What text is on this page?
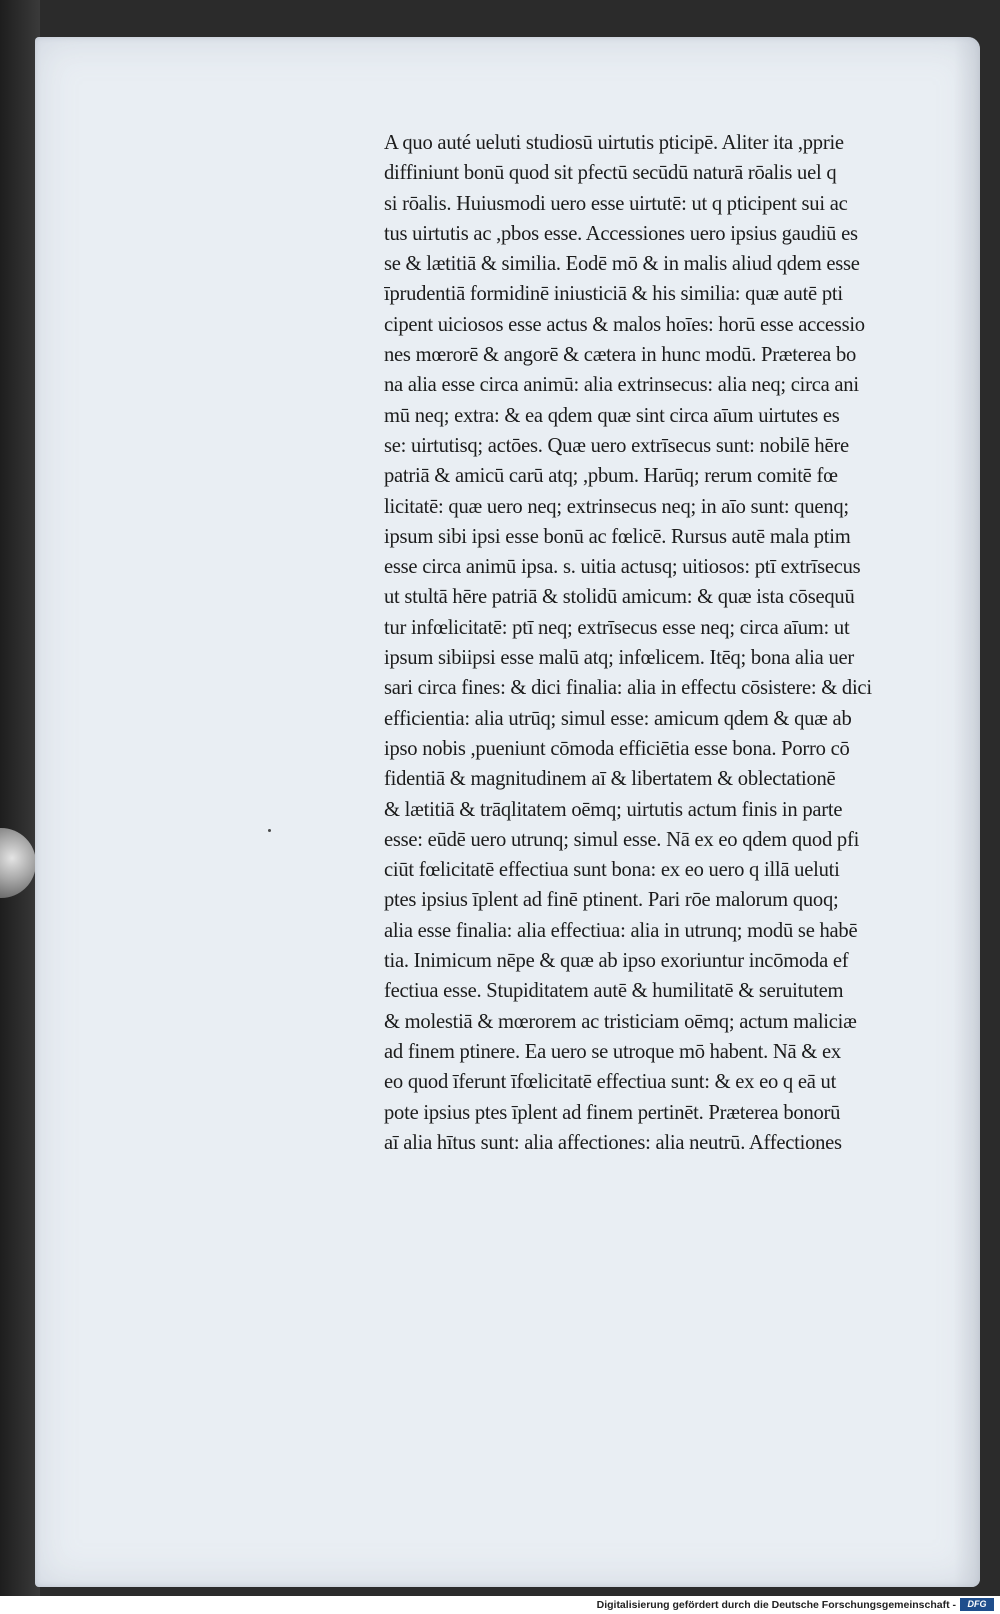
A quo auté ueluti studiosū uirtutis pticipē. Aliter ita ,pprie
diffiniunt bonū quod sit pfectū secūdū naturā rōalis uel q
si rōalis. Huiusmodi uero esse uirtutē: ut q pticipent sui ac
tus uirtutis ac ,pbos esse. Accessiones uero ipsius gaudiū es
se & lætitiā & similia. Eodē mō & in malis aliud qdem esse
īprudentiā formidinē iniusticiā & his similia: quæ autē pti
cipent uiciosos esse actus & malos hoīes: horū esse accessio
nes mœrorē & angorē & cætera in hunc modū. Præterea bo
na alia esse circa animū: alia extrinsecus: alia neq; circa ani
mū neq; extra: & ea qdem quæ sint circa aīum uirtutes es
se: uirtutisq; actōes. Quæ uero extrīsecus sunt: nobilē hēre
patriā & amicū carū atq; ,pbum. Harūq; rerum comitē fœ
licitatē: quæ uero neq; extrinsecus neq; in aīo sunt: quenq;
ipsum sibi ipsi esse bonū ac fœlicē. Rursus autē mala ptim
esse circa animū ipsa. s. uitia actusq; uitiosos: ptī extrīsecus
ut stultā hēre patriā & stolidū amicum: & quæ ista cōsequū
tur infœlicitatē: ptī neq; extrīsecus esse neq; circa aīum: ut
ipsum sibiipsi esse malū atq; infœlicem. Itēq; bona alia uer
sari circa fines: & dici finalia: alia in effectu cōsistere: & dici
efficientia: alia utrūq; simul esse: amicum qdem & quæ ab
ipso nobis ,pueniunt cōmoda efficiētia esse bona. Porro cō
fidentiā & magnitudinem aī & libertatem & oblectationē
& lætitiā & trāqlitatem oēmq; uirtutis actum finis in parte
esse: eūdē uero utrunq; simul esse. Nā ex eo qdem quod pfi
ciūt fœlicitatē effectiua sunt bona: ex eo uero q illā ueluti
ptes ipsius īplent ad finē ptinent. Pari rōe malorum quoq;
alia esse finalia: alia effectiua: alia in utrunq; modū se habē
tia. Inimicum nēpe & quæ ab ipso exoriuntur incōmoda ef
fectiua esse. Stupiditatem autē & humilitatē & seruitutem
& molestiā & mœrorem ac tristiciam oēmq; actum maliciæ
ad finem ptinere. Ea uero se utroque mō habent. Nā & ex
eo quod īferunt īfœlicitatē effectiua sunt: & ex eo q eā ut
pote ipsius ptes īplent ad finem pertinēt. Præterea bonorū
aī alia hītus sunt: alia affectiones: alia neutrū. Affectiones
Digitalisierung gefördert durch die Deutsche Forschungsgemeinschaft -	DFG
